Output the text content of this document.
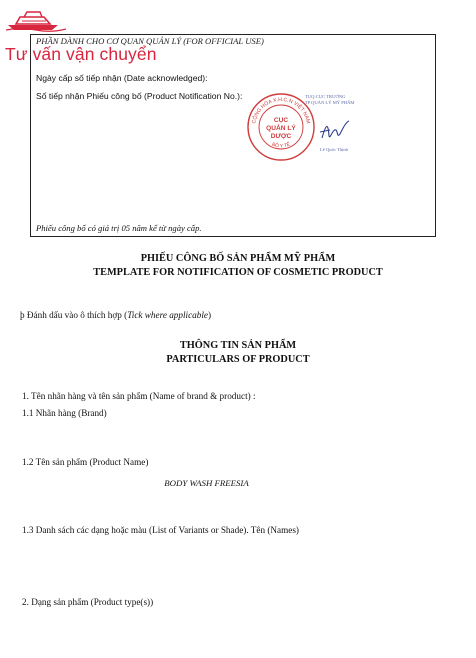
PHẦN DÀNH CHO CƠ QUAN QUẢN LÝ (FOR OFFICIAL USE)
Ngày cấp số tiếp nhận (Date acknowledged):
Số tiếp nhận Phiếu công bố (Product Notification No.):
Phiếu công bố có giá trị 05 năm kể từ ngày cấp.
Tư vấn vận chuyển
CỘNG HÒA X.H.C.N VIỆT NAM
BỘ Y TẾ
CỤC
QUẢN LÝ
DƯỢC
TUQ.CỤC TRƯỞNG
TP.QUẢN LÝ MỸ PHẨM
Lê Quốc Thịnh
PHIẾU CÔNG BỐ SẢN PHẨM MỸ PHẨM
TEMPLATE FOR NOTIFICATION OF COSMETIC PRODUCT
þ Đánh dấu vào ô thích hợp (Tick where applicable)
THÔNG TIN SẢN PHẨM
PARTICULARS OF PRODUCT
1. Tên nhãn hàng và tên sản phẩm (Name of brand & product) :
1.1 Nhãn hàng (Brand)
1.2 Tên sản phẩm (Product Name)
BODY WASH FREESIA
1.3 Danh sách các dạng hoặc màu (List of Variants or Shade). Tên (Names)
2. Dạng sản phẩm (Product type(s))
